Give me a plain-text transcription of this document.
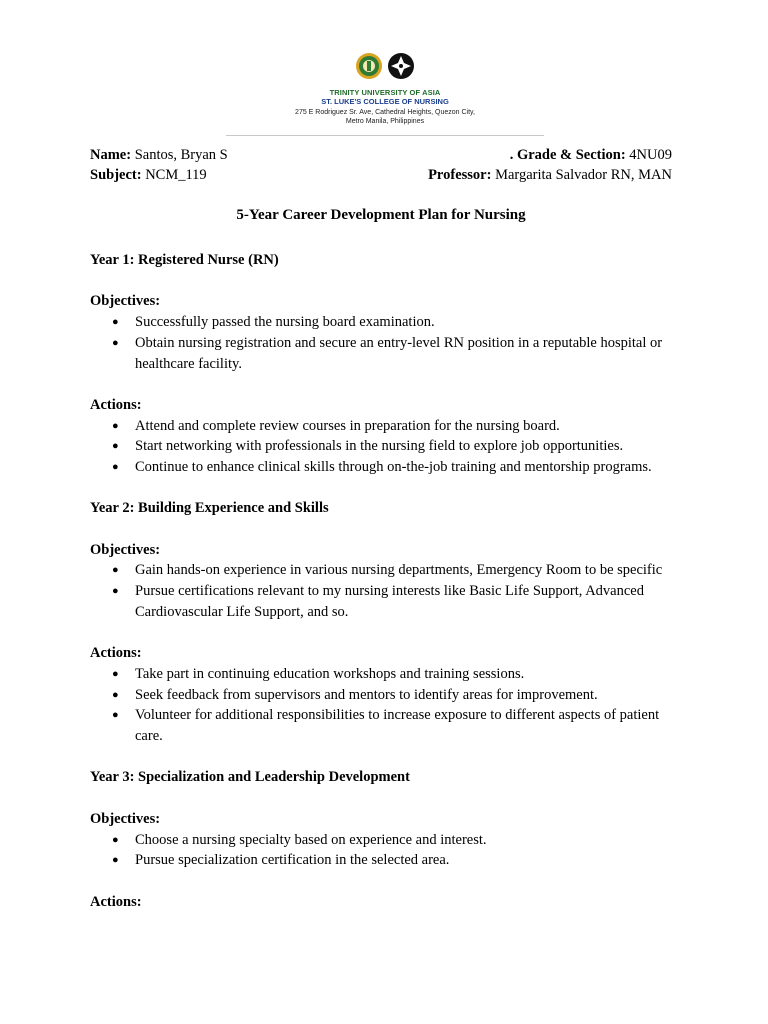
TRINITY UNIVERSITY OF ASIA
ST. LUKE'S COLLEGE OF NURSING
275 E Rodriguez Sr. Ave, Cathedral Heights, Quezon City,
Metro Manila, Philippines
Name: Santos, Bryan S	. Grade & Section: 4NU09
Subject: NCM_119	Professor: Margarita Salvador RN, MAN
5-Year Career Development Plan for Nursing
Year 1: Registered Nurse (RN)
Objectives:
● Successfully passed the nursing board examination.
● Obtain nursing registration and secure an entry-level RN position in a reputable hospital or healthcare facility.
Actions:
● Attend and complete review courses in preparation for the nursing board.
● Start networking with professionals in the nursing field to explore job opportunities.
● Continue to enhance clinical skills through on-the-job training and mentorship programs.
Year 2: Building Experience and Skills
Objectives:
● Gain hands-on experience in various nursing departments, Emergency Room to be specific
● Pursue certifications relevant to my nursing interests like Basic Life Support, Advanced Cardiovascular Life Support, and so.
Actions:
● Take part in continuing education workshops and training sessions.
● Seek feedback from supervisors and mentors to identify areas for improvement.
● Volunteer for additional responsibilities to increase exposure to different aspects of patient care.
Year 3: Specialization and Leadership Development
Objectives:
● Choose a nursing specialty based on experience and interest.
● Pursue specialization certification in the selected area.
Actions:
